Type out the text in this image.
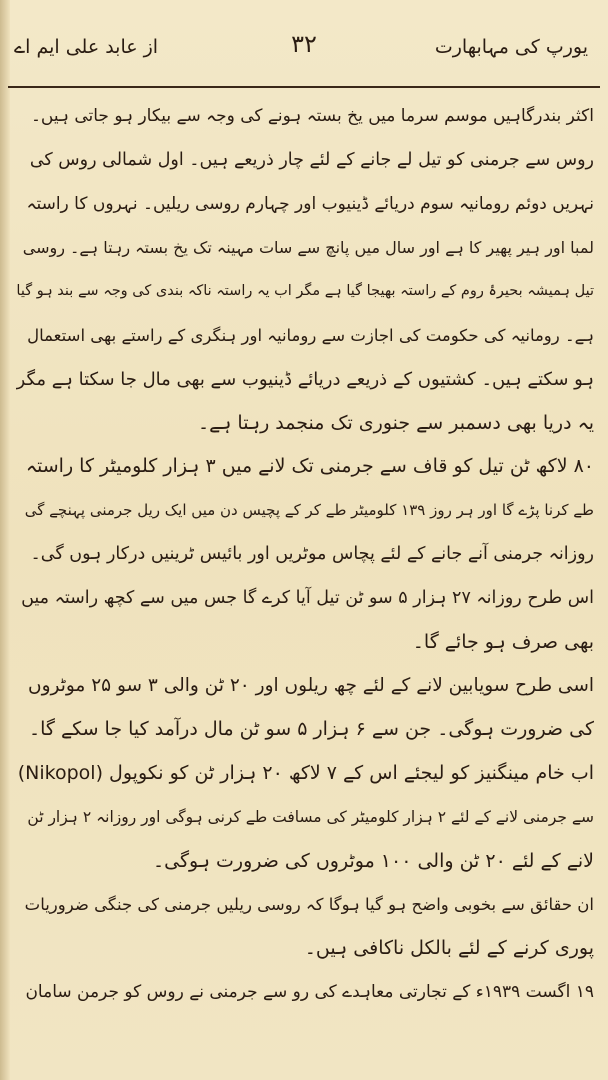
یورپ کی مہابھارت
۳۲
از عابد علی ایم اے
اکثر بندرگاہیں موسم سرما میں یخ بستہ ہونے کی وجہ سے بیکار ہو جاتی ہیں۔
روس سے جرمنی کو تیل لے جانے کے لئے چار ذریعے ہیں۔ اول شمالی روس کی
نہریں دوئم رومانیہ سوم دریائے ڈینیوب اور چہارم روسی ریلیں۔ نہروں کا راستہ
لمبا اور ہیر پھیر کا ہے اور سال میں پانچ سے سات مہینہ تک یخ بستہ رہتا ہے۔ روسی
تیل ہمیشہ بحیرۂ روم کے راستہ بھیجا گیا ہے مگر اب یہ راستہ ناکہ بندی کی وجہ سے بند ہو گیا
ہے۔ رومانیہ کی حکومت کی اجازت سے رومانیہ اور ہنگری کے راستے بھی استعمال
ہو سکتے ہیں۔ کشتیوں کے ذریعے دریائے ڈینیوب سے بھی مال جا سکتا ہے مگر
یہ دریا بھی دسمبر سے جنوری تک منجمد رہتا ہے۔
۸۰ لاکھ ٹن تیل کو قاف سے جرمنی تک لانے میں ۳ ہزار کلومیٹر کا راستہ
طے کرنا پڑے گا اور ہر روز ۱۳۹ کلومیٹر طے کر کے پچیس دن میں ایک ریل جرمنی پہنچے گی
روزانہ جرمنی آنے جانے کے لئے پچاس موٹریں اور بائیس ٹرینیں درکار ہوں گی۔
اس طرح روزانہ ۲۷ ہزار ۵ سو ٹن تیل آیا کرے گا جس میں سے کچھ راستہ میں
بھی صرف ہو جائے گا۔
اسی طرح سویابین لانے کے لئے چھ ریلوں اور ۲۰ ٹن والی ۳ سو ۲۵ موٹروں
کی ضرورت ہوگی۔ جن سے ۶ ہزار ۵ سو ٹن مال درآمد کیا جا سکے گا۔
اب خام مینگنیز کو لیجئے اس کے ۷ لاکھ ۲۰ ہزار ٹن کو نکوپول (Nikopol)
سے جرمنی لانے کے لئے ۲ ہزار کلومیٹر کی مسافت طے کرنی ہوگی اور روزانہ ۲ ہزار ٹن
لانے کے لئے ۲۰ ٹن والی ۱۰۰ موٹروں کی ضرورت ہوگی۔
ان حقائق سے بخوبی واضح ہو گیا ہوگا کہ روسی ریلیں جرمنی کی جنگی ضروریات
پوری کرنے کے لئے بالکل ناکافی ہیں۔
۱۹ اگست ۱۹۳۹ء کے تجارتی معاہدے کی رو سے جرمنی نے روس کو جرمن سامان
